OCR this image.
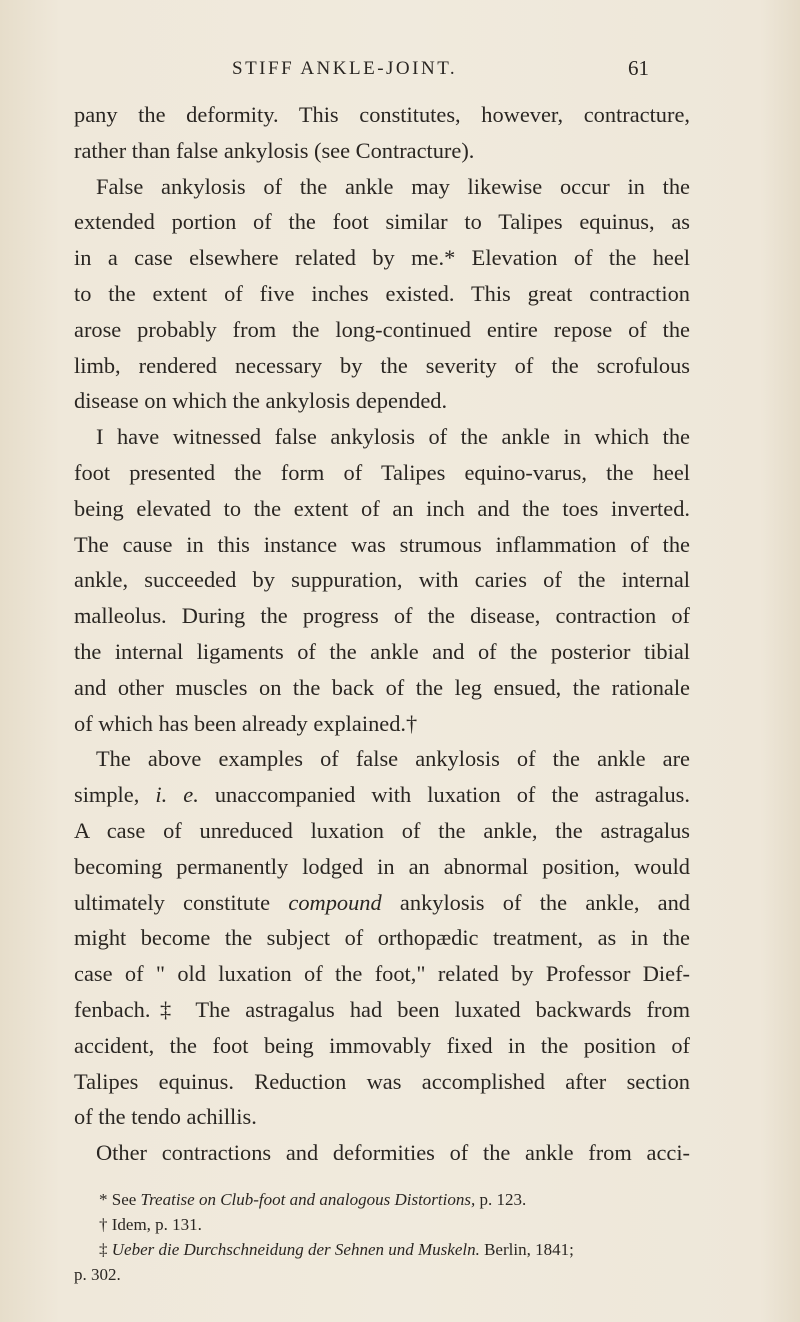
STIFF ANKLE-JOINT.	61
pany the deformity. This constitutes, however, contracture,
rather than false ankylosis (see Contracture).
False ankylosis of the ankle may likewise occur in the
extended portion of the foot similar to Talipes equinus, as
in a case elsewhere related by me.* Elevation of the heel
to the extent of five inches existed. This great contraction
arose probably from the long-continued entire repose of the
limb, rendered necessary by the severity of the scrofulous
disease on which the ankylosis depended.
I have witnessed false ankylosis of the ankle in which the
foot presented the form of Talipes equino-varus, the heel
being elevated to the extent of an inch and the toes inverted.
The cause in this instance was strumous inflammation of the
ankle, succeeded by suppuration, with caries of the internal
malleolus. During the progress of the disease, contraction of
the internal ligaments of the ankle and of the posterior tibial
and other muscles on the back of the leg ensued, the rationale
of which has been already explained.†
The above examples of false ankylosis of the ankle are
simple, i. e. unaccompanied with luxation of the astragalus.
A case of unreduced luxation of the ankle, the astragalus
becoming permanently lodged in an abnormal position, would
ultimately constitute compound ankylosis of the ankle, and
might become the subject of orthopædic treatment, as in the
case of " old luxation of the foot," related by Professor Dief-
fenbach.‡ The astragalus had been luxated backwards from
accident, the foot being immovably fixed in the position of
Talipes equinus. Reduction was accomplished after section
of the tendo achillis.
Other contractions and deformities of the ankle from acci-
* See Treatise on Club-foot and analogous Distortions, p. 123.
† Idem, p. 131.
‡ Ueber die Durchschneidung der Sehnen und Muskeln. Berlin, 1841;
p. 302.
